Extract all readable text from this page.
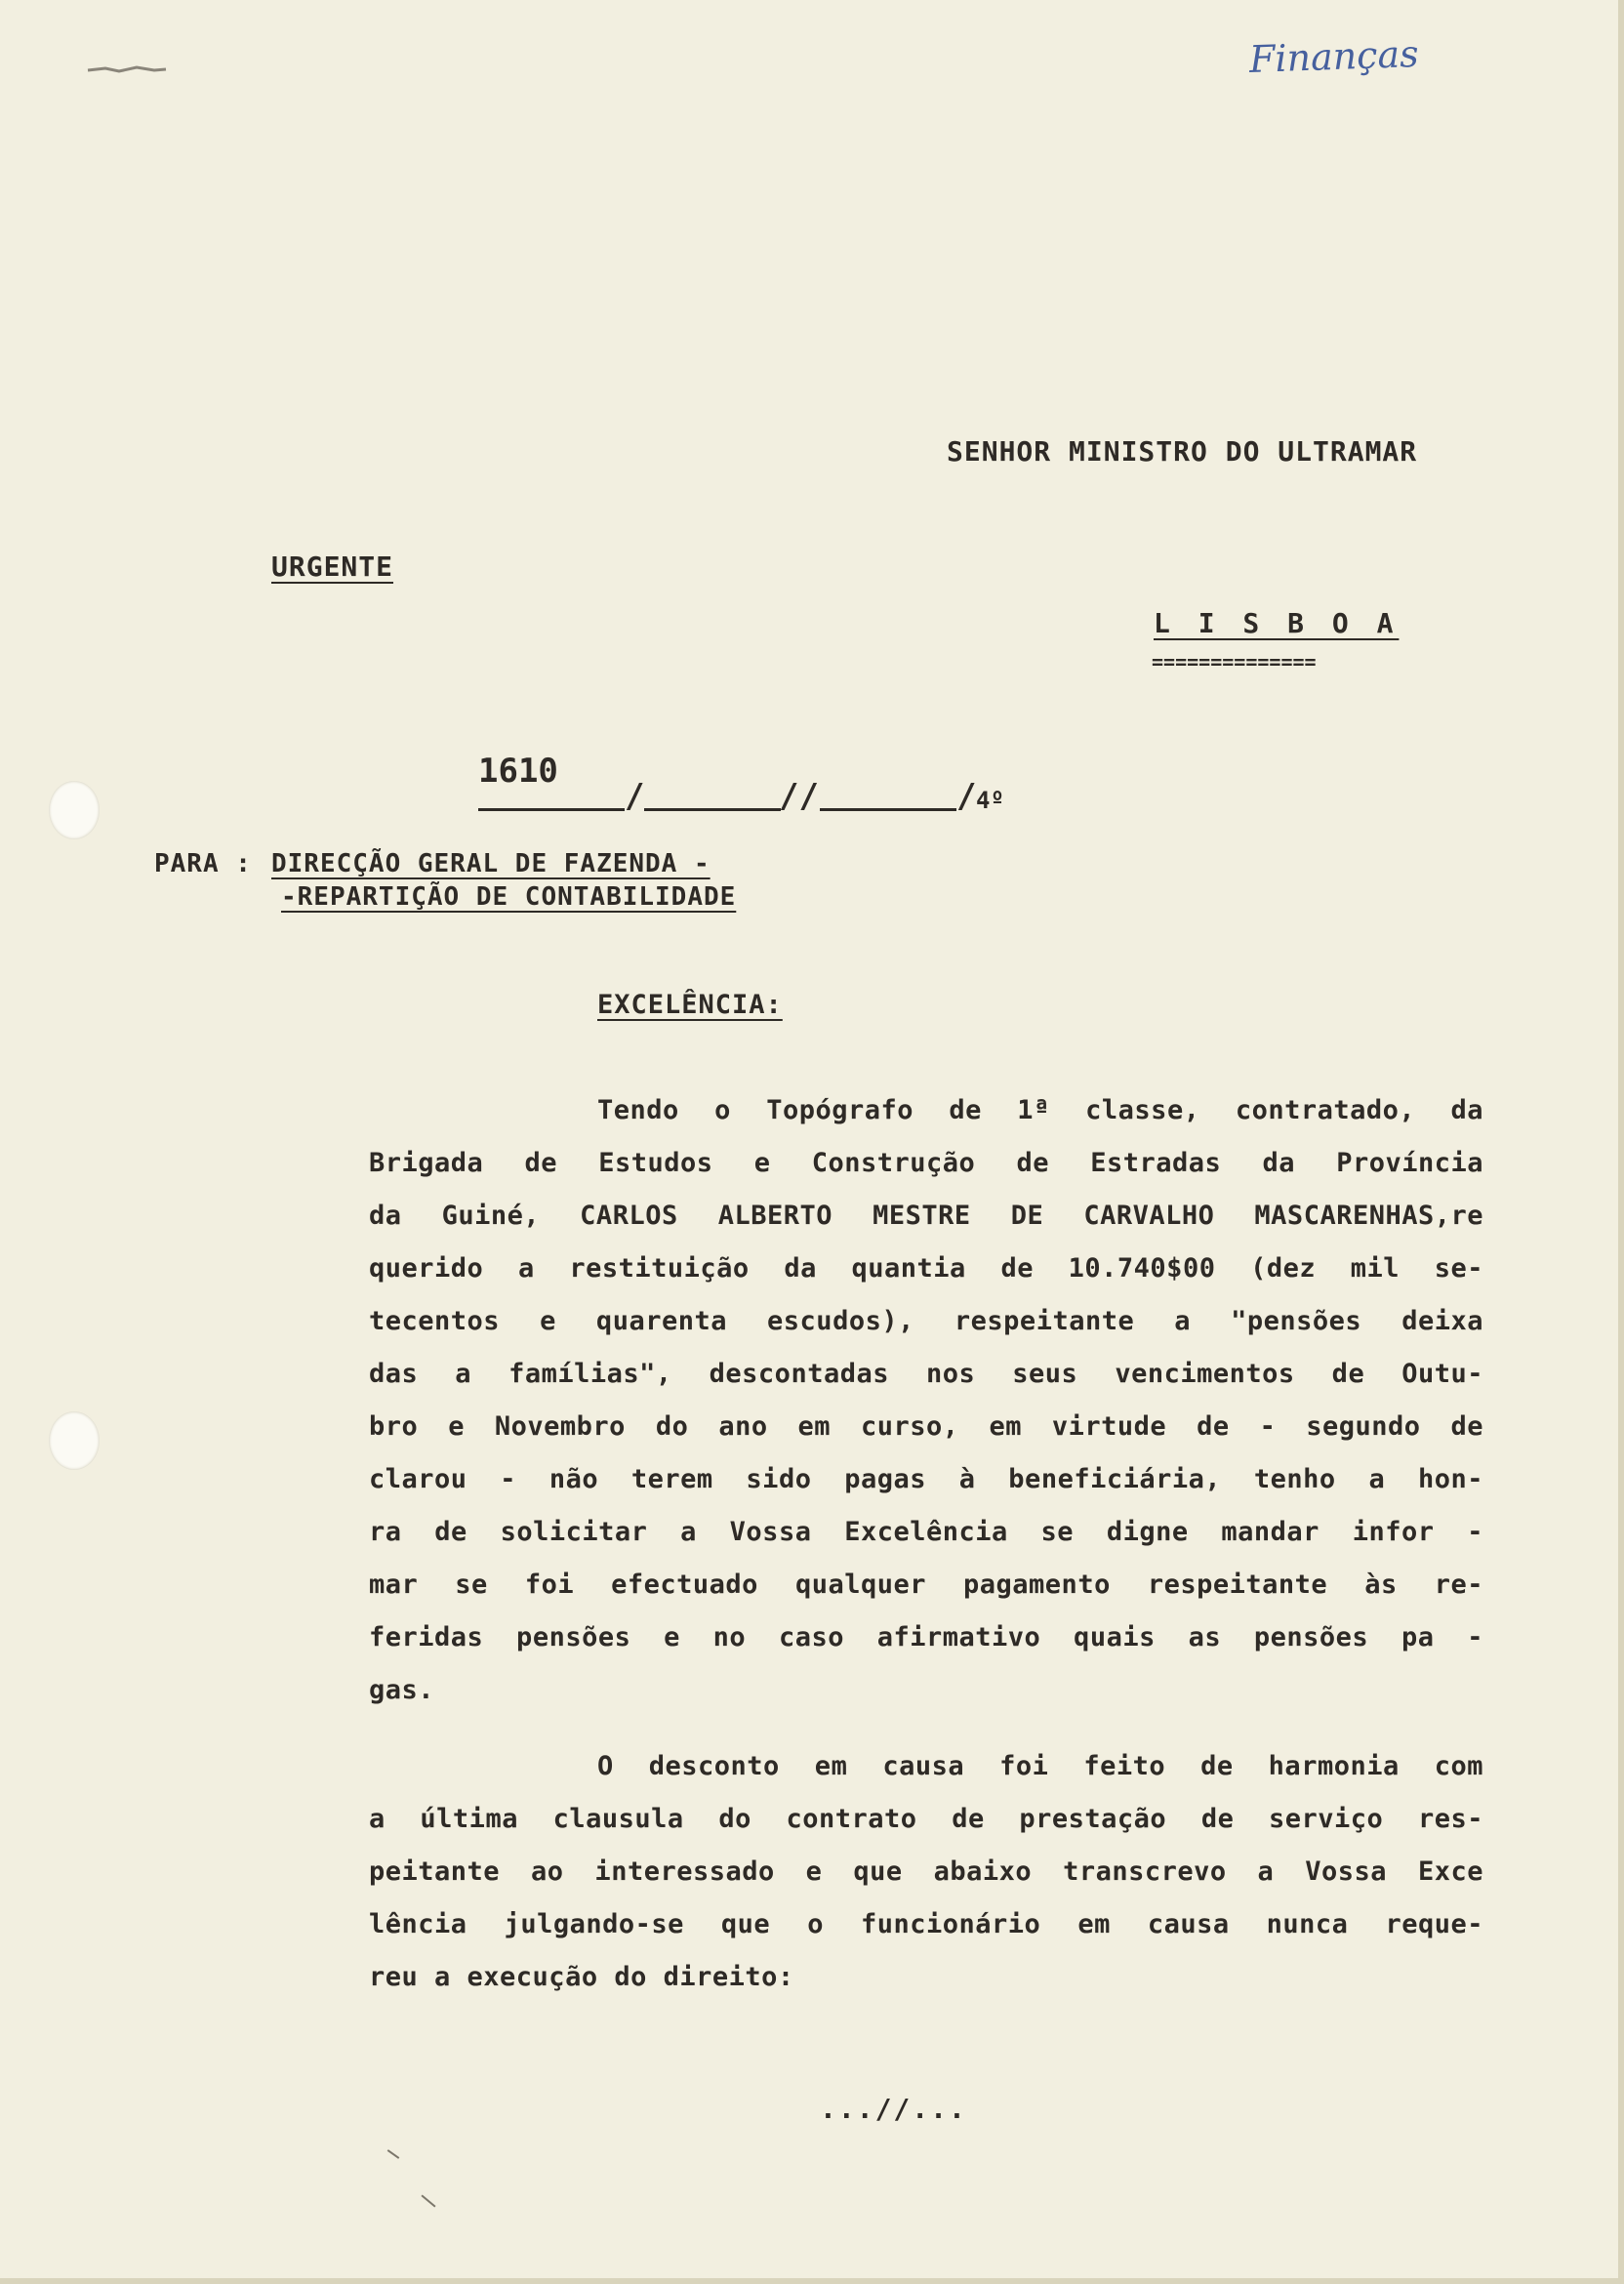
Finanças
SENHOR MINISTRO DO ULTRAMAR
URGENTE
L I S B O A
==============
1610
/	//	/ 4º
PARA : DIRECÇÃO GERAL DE FAZENDA -
-REPARTIÇÃO DE CONTABILIDADE
EXCELÊNCIA:
Tendo o Topógrafo de 1ª classe, contratado, da
Brigada de Estudos e Construção de Estradas da Província
da Guiné, CARLOS ALBERTO MESTRE DE CARVALHO MASCARENHAS,re
querido a restituição da quantia de 10.740$00 (dez mil se-
tecentos e quarenta escudos), respeitante a "pensões deixa
das a famílias", descontadas nos seus vencimentos de Outu-
bro e Novembro do ano em curso, em virtude de - segundo de
clarou - não terem sido pagas à beneficiária, tenho a hon-
ra de solicitar a Vossa Excelência se digne mandar infor -
mar se foi efectuado qualquer pagamento respeitante às re-
feridas pensões e no caso afirmativo quais as pensões pa -
gas.
O desconto em causa foi feito de harmonia com
a última clausula do contrato de prestação de serviço res-
peitante ao interessado e que abaixo transcrevo a Vossa Exce
lência julgando-se que o funcionário em causa nunca reque-
reu a execução do direito:
...//...
